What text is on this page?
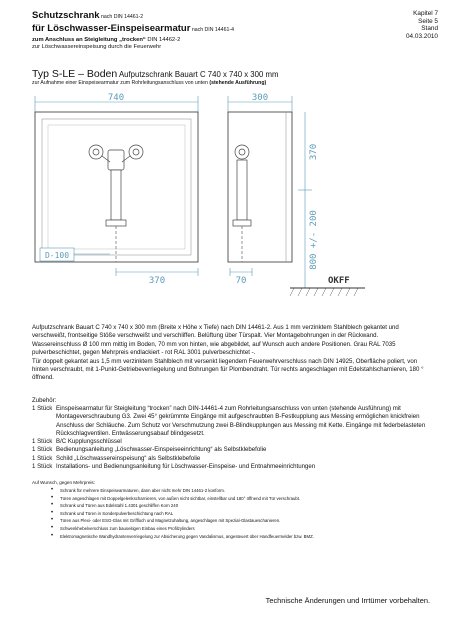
Schutzschrank nach DIN 14461-2
für Löschwasser-Einspeisearmatur nach DIN 14461-4
zum Anschluss an Steigleitung „trocken“ DIN 14462-2
zur Löschwassereinspeisung durch die Feuerwehr
Kapitel 7
Seite 5
Stand
04.03.2010
Typ S-LE – Boden Aufputzschrank Bauart C 740 x 740 x 300 mm
zur Aufnahme einer Einspeisearmatur zum Rohrleitungsanschluss von unten (stehende Ausführung)
740	300
370	70
D-100
370
800 +/- 200
OKFF
Aufputzschrank Bauart C 740 x 740 x 300 mm (Breite x Höhe x Tiefe) nach DIN 14461-2. Aus 1 mm verzinktem Stahlblech gekantet und verschweißt, frontseitige Stöße verschweißt und verschliffen. Belüftung über Türspalt. Vier Montagebohrungen in der Rückwand.
Wassereinschluss Ø 100 mm mittig im Boden, 70 mm von hinten, wie abgebildet, auf Wunsch auch andere Positionen. Grau RAL 7035 pulverbeschichtet, gegen Mehrpreis endlackiert - rot RAL 3001 pulverbeschichtet -.
Tür doppelt gekantet aus 1,5 mm verzinktem Stahlblech mit versenkt liegendem Feuerwehrverschluss nach DIN 14925, Oberfläche poliert, von hinten verschraubt, mit 1-Punkt-Getriebeverriegelung und Bohrungen für Plombendraht. Tür rechts angeschlagen mit Edelstahlscharnieren, 180 ° öffnend.
Zubehör:
1 Stück Einspeisearmatur für Steigleitung “trocken” nach DIN-14461-4 zum Rohrleitungsanschluss von unten (stehende Ausführung) mit Montageverschraubung G3. Zwei 45° gekrümmte Eingänge mit aufgeschraubten B-Festkupplung aus Messing ermöglichen knickfreien Anschluss der Schläuche. Zum Schutz vor Verschmutzung zwei B-Blindkupplungen aus Messing mit Kette. Eingänge mit federbelasteten Rückschlagventilen. Entwässerungsabauf blindgesetzt.
1 Stück B/C Kupplungsschlüssel
1 Stück Bedienungsanleitung „Löschwasser-Einspeiseeinrichtung“ als Selbstklebefolie
1 Stück Schild „Löschwassereinspeisung“ als Selbstklebefolie
1 Stück Installations- und Bedienungsanleitung für Löschwasser-Einspeise- und Entnahmeeinrichtungen
Auf Wunsch, gegen Mehrpreis:
• Schrank für mehrere Einspeisearmaturen, dann aber nicht mehr DIN 14461-2 konform.
• Türen angeschlagen mit Doppelgelenkscharnieren, von außen nicht sichtbar, einstellbar und 180° öffnend mit Tür verschraubt.
• Schrank und Türen aus Edelstahl 1.4301 geschliffen Korn 240
• Schrank und Türen in Sonderpulverbeschichtung nach RAL
• Türen aus Plexi- oder ESG-Glas mit Griffloch und Magnetzuhaltung, angeschlagen mit Spezial-Glastaueschanieren.
• Schwenkhebelverschluss zum bauseitigen Einbau eines Profilzylinders
• Elektromagnetische Wandhydrantenverriegelung zur Absicherung gegen Vandalismus, angesteuert über Handfeuermelder bzw. BMZ.
Technische Änderungen und Irrtümer vorbehalten.
